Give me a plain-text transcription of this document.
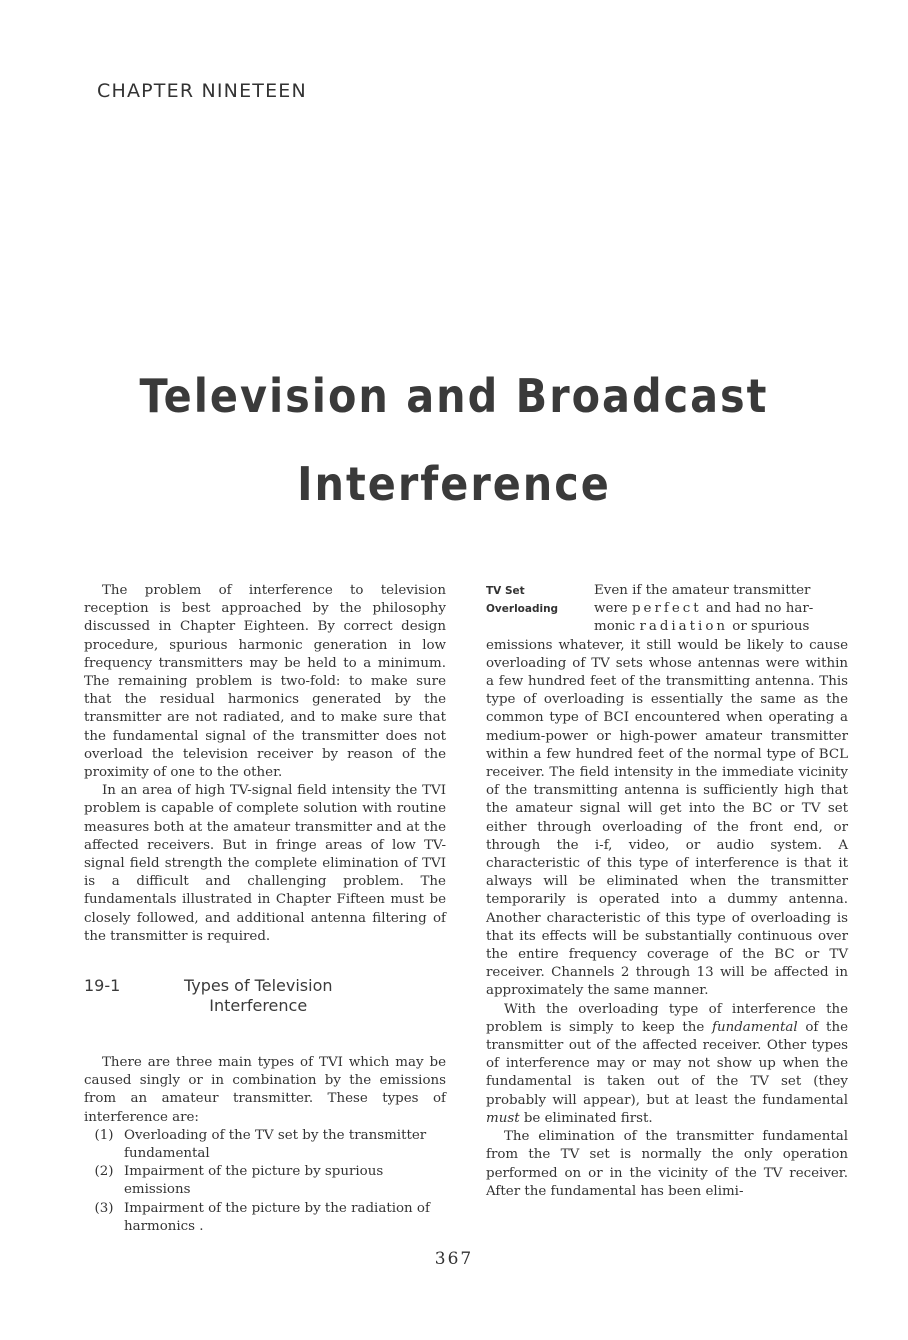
CHAPTER NINETEEN
Television and Broadcast
Interference

The problem of interference to television reception is best approached by the philosophy discussed in Chapter Eighteen. By correct design procedure, spurious harmonic generation in low frequency transmitters may be held to a minimum. The remaining problem is two-fold: to make sure that the residual harmonics generated by the transmitter are not radiated, and to make sure that the fundamental signal of the transmitter does not overload the television receiver by reason of the proximity of one to the other.

In an area of high TV-signal field intensity the TVI problem is capable of complete solution with routine measures both at the amateur transmitter and at the affected receivers. But in fringe areas of low TV-signal field strength the complete elimination of TVI is a difficult and challenging problem. The fundamentals illustrated in Chapter Fifteen must be closely followed, and additional antenna filtering of the transmitter is required.

19-1	Types of Television
Interference

There are three main types of TVI which may be caused singly or in combination by the emissions from an amateur transmitter. These types of interference are:

(1) Overloading of the TV set by the transmitter fundamental
(2) Impairment of the picture by spurious emissions
(3) Impairment of the picture by the radiation of harmonics .
TV Set
Overloading

Even if the amateur transmitter

were perfect and had no har-

monic radiation or spurious

emissions whatever, it still would be likely to cause overloading of TV sets whose antennas were within a few hundred feet of the transmitting antenna. This type of overloading is essentially the same as the common type of BCI encountered when operating a medium-power or high-power amateur transmitter within a few hundred feet of the normal type of BCL receiver. The field intensity in the immediate vicinity of the transmitting antenna is sufficiently high that the amateur signal will get into the BC or TV set either through overloading of the front end, or through the i-f, video, or audio system. A characteristic of this type of interference is that it always will be eliminated when the transmitter temporarily is operated into a dummy antenna. Another characteristic of this type of overloading is that its effects will be substantially continuous over the entire frequency coverage of the BC or TV receiver. Channels 2 through 13 will be affected in approximately the same manner.

With the overloading type of interference the problem is simply to keep the fundamental of the transmitter out of the affected receiver. Other types of interference may or may not show up when the fundamental is taken out of the TV set (they probably will appear), but at least the fundamental must be eliminated first.

The elimination of the transmitter fundamental from the TV set is normally the only operation performed on or in the vicinity of the TV receiver. After the fundamental has been elimi-

367
